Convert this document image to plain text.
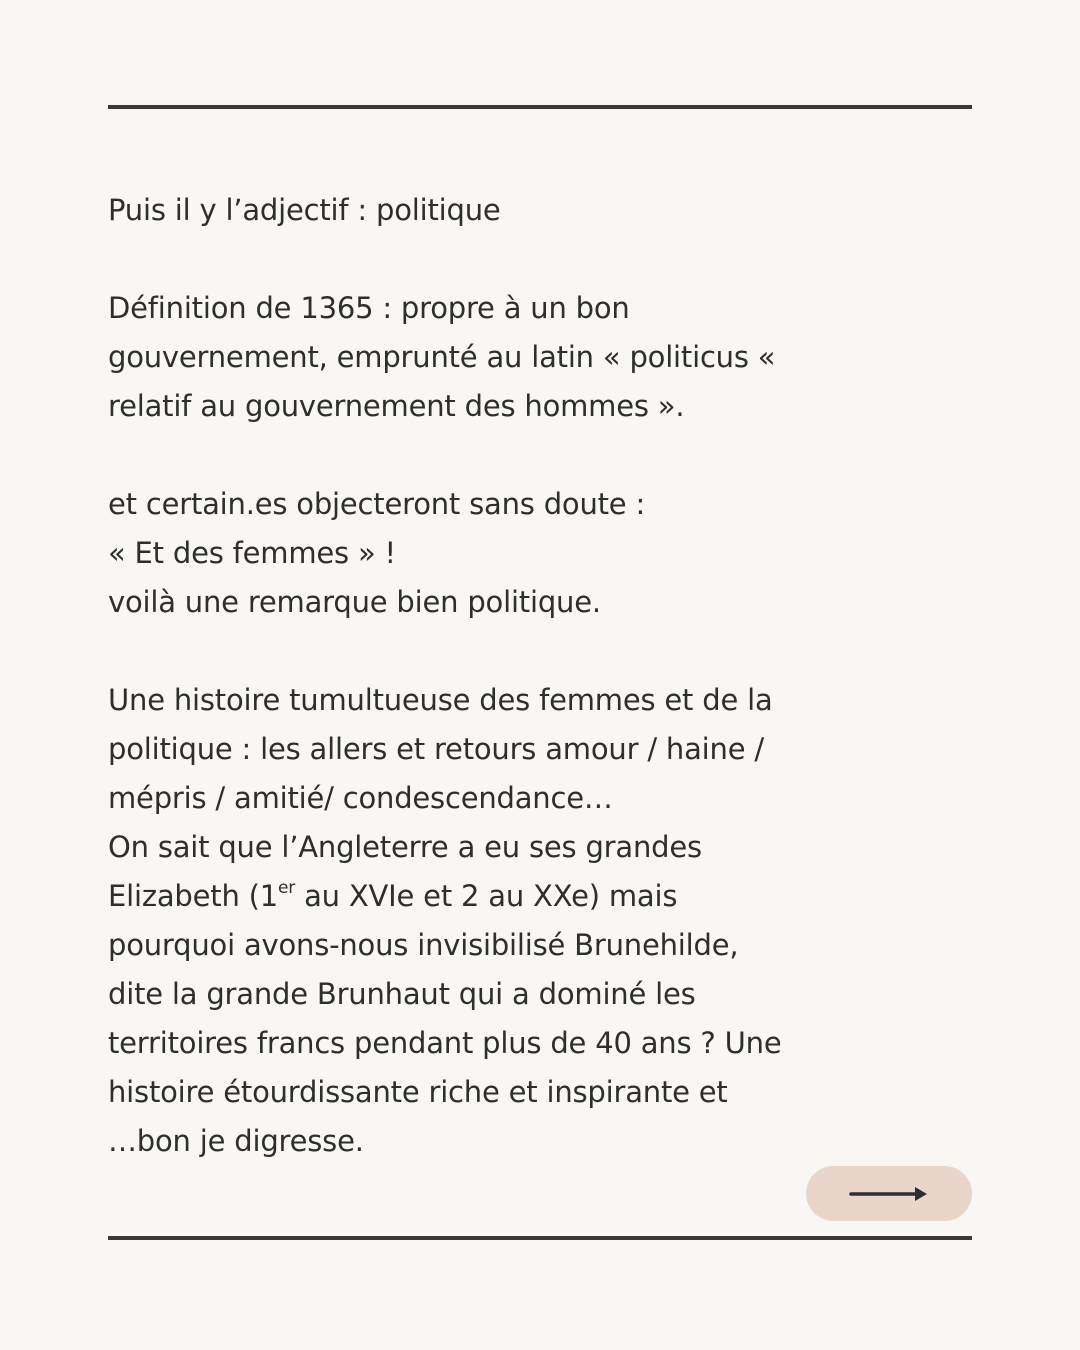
Puis il y l’adjectif : politique
Définition de 1365 : propre à un bon
gouvernement, emprunté au latin « politicus «
relatif au gouvernement des hommes ».
et certain.es objecteront sans doute :
« Et des femmes » !
voilà une remarque bien politique.
Une histoire tumultueuse des femmes et de la
politique : les allers et retours amour / haine /
mépris / amitié/ condescendance…
On sait que l’Angleterre a eu ses grandes
Elizabeth (1er au XVIe et 2 au XXe) mais
pourquoi avons-nous invisibilisé Brunehilde,
dite la grande Brunhaut qui a dominé les
territoires francs pendant plus de 40 ans ? Une
histoire étourdissante riche et inspirante et
…bon je digresse.
